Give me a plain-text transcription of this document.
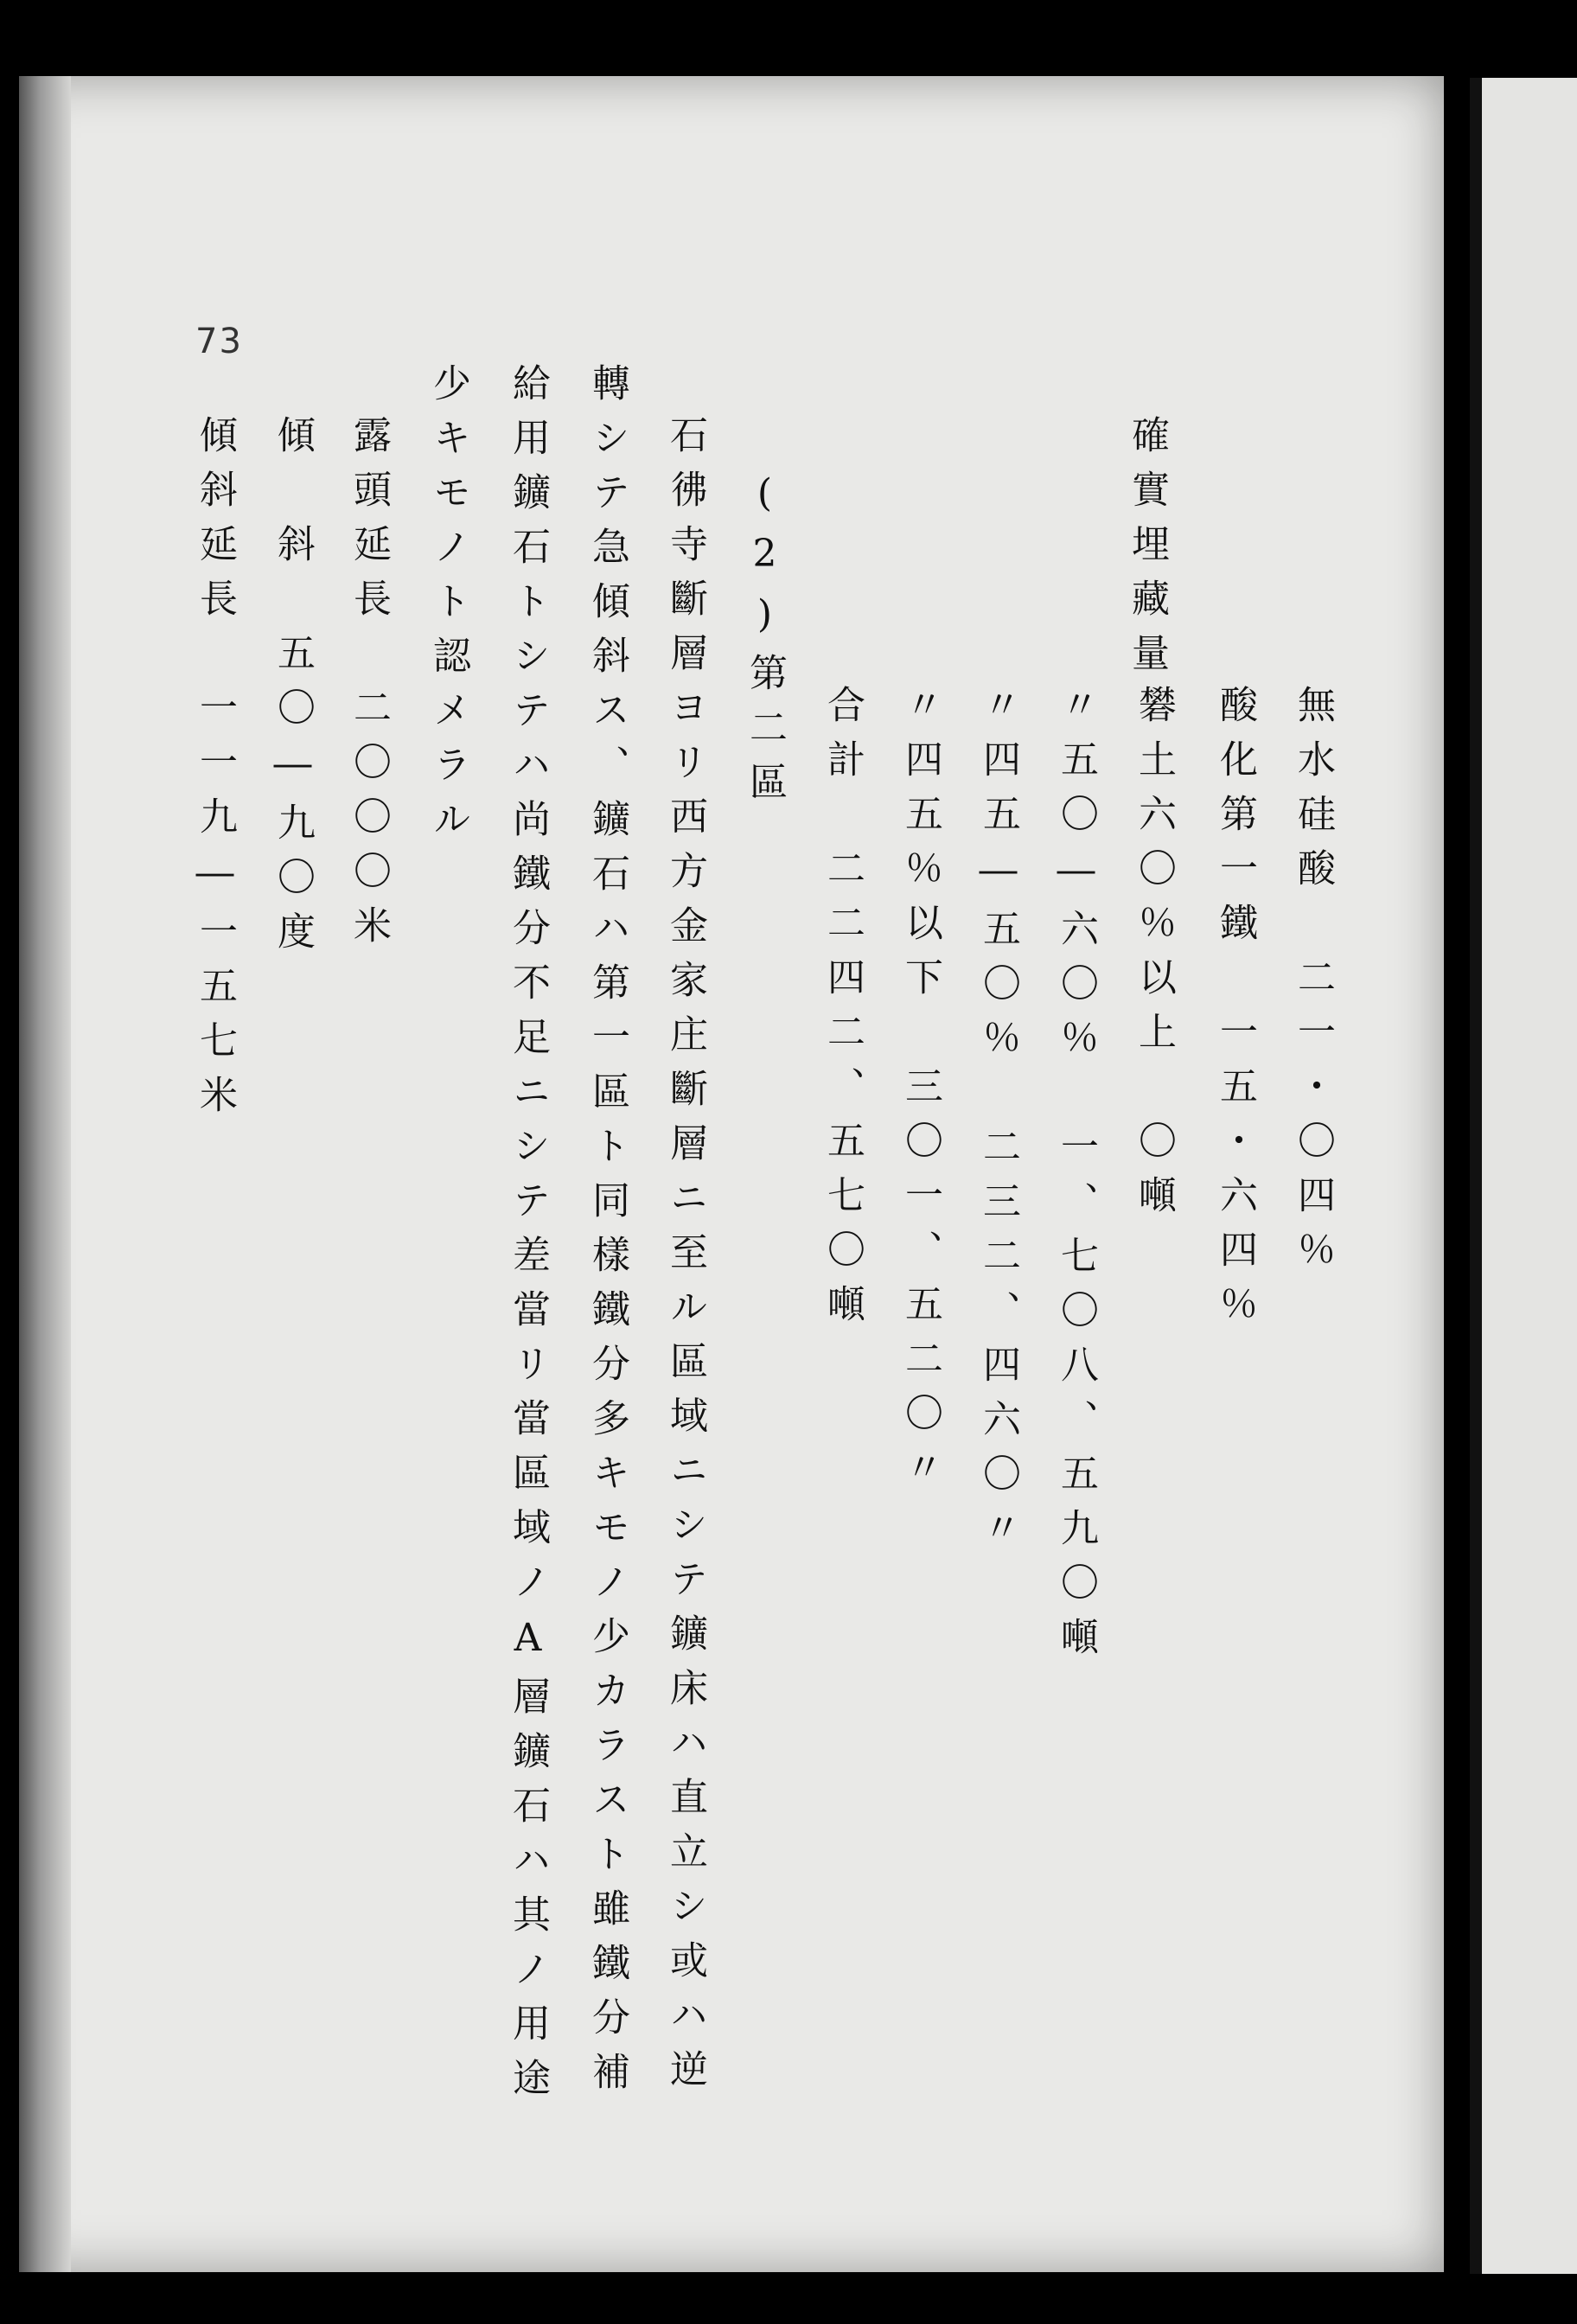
73
無水硅酸　二一・〇四％
酸化第一鐵　一五・六四％
礬土六〇％以上　〇噸
〃五〇―六〇％　一、七〇八、五九〇噸
確實埋藏量
〃四五―五〇％　二三二、四六〇〃
〃四五％以下　三〇一、五二〇〃
合計　二二四二、五七〇噸
(2)第二區
石彿寺斷層ヨリ西方金家庄斷層ニ至ル區域ニシテ鑛床ハ直立シ或ハ逆
轉シテ急傾斜ス、鑛石ハ第一區ト同樣鐵分多キモノ少カラスト雖鐵分補
給用鑛石トシテハ尚鐵分不足ニシテ差當リ當區域ノA層鑛石ハ其ノ用途
少キモノト認メラル
露頭延長　二〇〇〇米
傾　斜　五〇―九〇度
傾斜延長　一一九―一五七米
